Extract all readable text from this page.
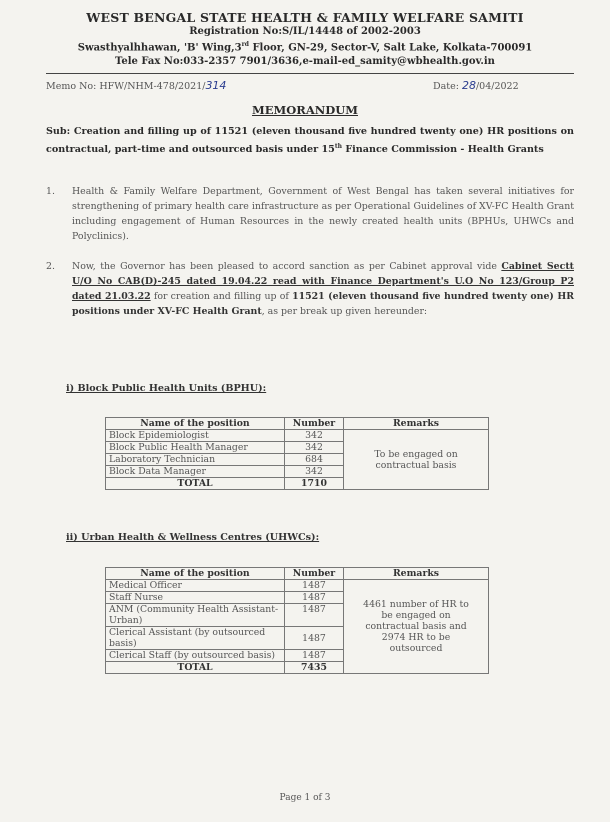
WEST BENGAL STATE HEALTH & FAMILY WELFARE SAMITI
Registration No:S/IL/14448 of 2002-2003
Swasthyalhhawan, 'B' Wing,3rd Floor, GN-29, Sector-V, Salt Lake, Kolkata-700091
Tele Fax No:033-2357 7901/3636,e-mail-ed_samity@wbhealth.gov.in
Memo No: HFW/NHM-478/2021/314	Date: 28/04/2022
MEMORANDUM
Sub: Creation and filling up of 11521 (eleven thousand five hundred twenty one) HR positions on contractual, part-time and outsourced basis under 15th Finance Commission - Health Grants
1. Health & Family Welfare Department, Government of West Bengal has taken several initiatives for strengthening of primary health care infrastructure as per Operational Guidelines of XV-FC Health Grant including engagement of Human Resources in the newly created health units (BPHUs, UHWCs and Polyclinics).
2. Now, the Governor has been pleased to accord sanction as per Cabinet approval vide Cabinet Sectt U/O No CAB(D)-245 dated 19.04.22 read with Finance Department's U.O No 123/Group P2 dated 21.03.22 for creation and filling up of 11521 (eleven thousand five hundred twenty one) HR positions under XV-FC Health Grant, as per break up given hereunder:
i) Block Public Health Units (BPHU):
Name of the position	Number	Remarks
Block Epidemiologist	342	To be engaged on contractual basis
Block Public Health Manager	342	
Laboratory Technician	684	
Block Data Manager	342	
TOTAL	1710	
ii) Urban Health & Wellness Centres (UHWCs):
Name of the position	Number	Remarks
Medical Officer	1487	4461 number of HR to be engaged on contractual basis and 2974 HR to be outsourced
Staff Nurse	1487	
ANM (Community Health Assistant- Urban)	1487	
Clerical Assistant (by outsourced basis)	1487	
Clerical Staff (by outsourced basis)	1487	
TOTAL	7435	
Page 1 of 3
